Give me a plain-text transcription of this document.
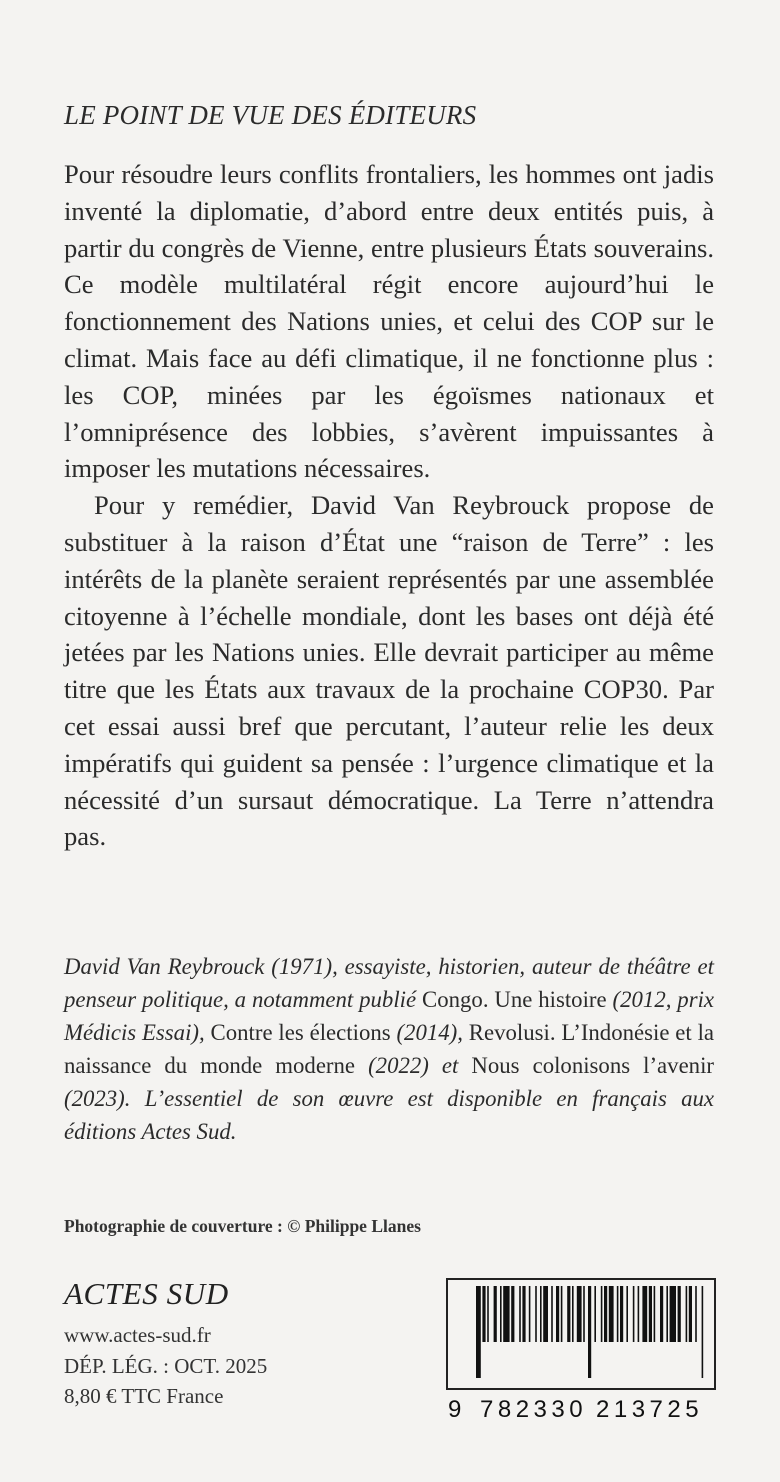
LE POINT DE VUE DES ÉDITEURS

Pour résoudre leurs conflits frontaliers, les hommes ont jadis inventé la diplomatie, d’abord entre deux entités puis, à partir du congrès de Vienne, entre plusieurs États souverains. Ce modèle multilatéral régit encore aujourd’hui le fonctionnement des Nations unies, et celui des COP sur le climat. Mais face au défi climatique, il ne fonctionne plus : les COP, minées par les égoïsmes nationaux et l’omniprésence des lobbies, s’avèrent impuissantes à imposer les mutations nécessaires.

Pour y remédier, David Van Reybrouck propose de substituer à la raison d’État une “raison de Terre” : les intérêts de la planète seraient représentés par une assemblée citoyenne à l’échelle mondiale, dont les bases ont déjà été jetées par les Nations unies. Elle devrait participer au même titre que les États aux travaux de la prochaine COP30. Par cet essai aussi bref que percutant, l’auteur relie les deux impératifs qui guident sa pensée : l’urgence climatique et la nécessité d’un sursaut démocratique. La Terre n’attendra pas.

David Van Reybrouck (1971), essayiste, historien, auteur de théâtre et penseur politique, a notamment publié Congo. Une histoire (2012, prix Médicis Essai), Contre les élections (2014), Revolusi. L’Indonésie et la naissance du monde moderne (2022) et Nous colonisons l’avenir (2023). L’essentiel de son œuvre est disponible en français aux éditions Actes Sud.

Photographie de couverture : © Philippe Llanes
ACTES SUD
www.actes-sud.fr
DÉP. LÉG. : OCT. 2025
8,80 € TTC France	9 782330 213725
